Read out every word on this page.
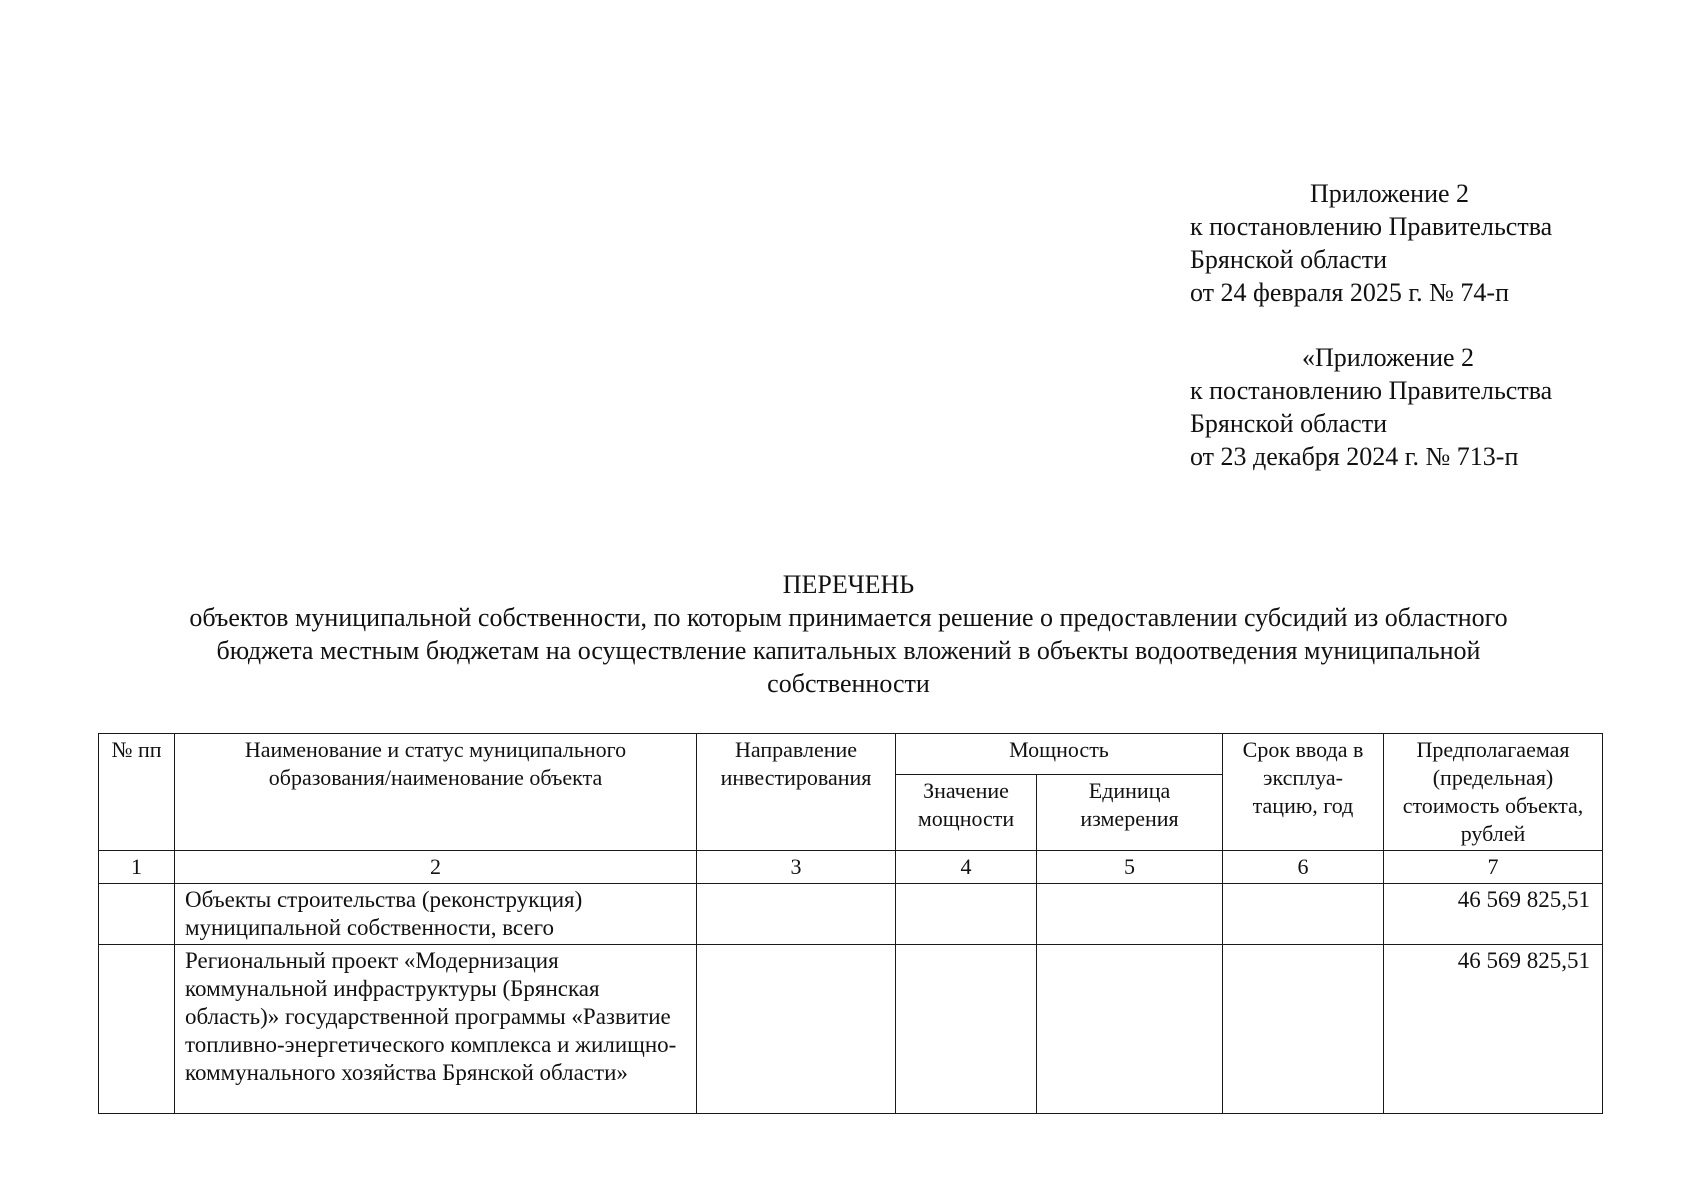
Приложение 2
к постановлению Правительства
Брянской области
от 24 февраля 2025 г. № 74-п
«Приложение 2
к постановлению Правительства
Брянской области
от 23 декабря 2024 г. № 713-п
ПЕРЕЧЕНЬ
объектов муниципальной собственности, по которым принимается решение о предоставлении субсидий из областного
бюджета местным бюджетам на осуществление капитальных вложений в объекты водоотведения муниципальной
собственности
№ пп	Наименование и статус муниципального образования/наименование объекта	Направление инвестирования	Мощность		Срок ввода в эксплуа-тацию, год	Предполагаемая (предельная) стоимость объекта, рублей
			Значение мощности	Единица измерения		
1	2	3	4	5	6	7
	Объекты строительства (реконструкция) муниципальной собственности, всего					46 569 825,51
	Региональный проект «Модернизация коммунальной инфраструктуры (Брянская область)» государственной программы «Развитие топливно-энергетического комплекса и жилищно-коммунального хозяйства Брянской области»					46 569 825,51
